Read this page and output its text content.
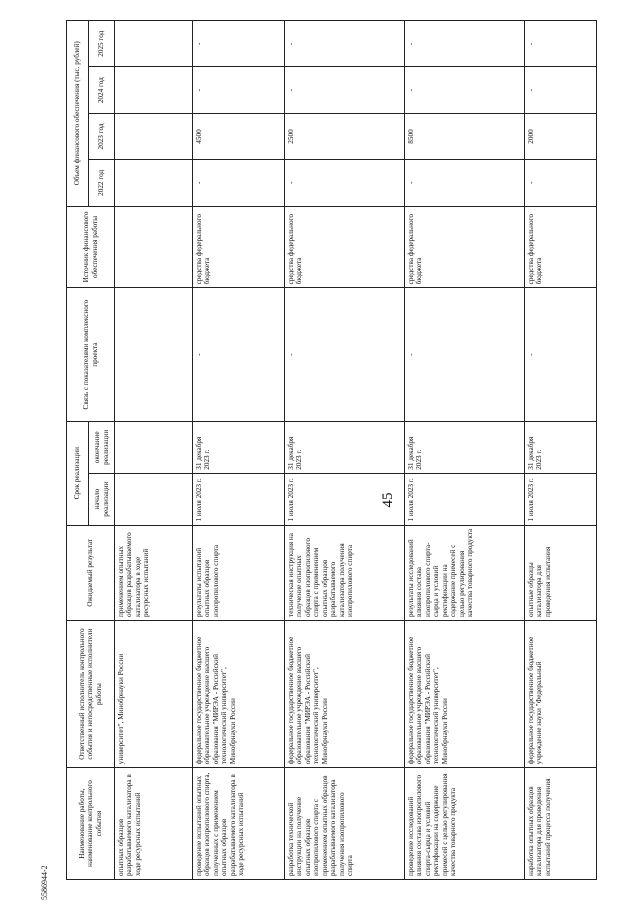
45
5586944-2
Наименование работы, наименование контрольного события	Ответственный исполнитель контрольного события и непосредственные исполнители работы	Ожидаемый результат	Срок реализации		Связь с показателями комплексного проекта	Источник финансового обеспечения работы	Объем финансового обеспечения (тыс. рублей)			
			начало реализации	окончание реализации			2022 год	2023 год	2024 год	2025 год

опытных образцов разрабатываемого катализатора в ходе ресурсных испытаний	университет", Минобрнауки России	применением опытных образцов разрабатываемого катализатора в ходе ресурсных испытаний								
проведение испытаний опытных образцов изопропилового спирта, полученных с применением опытных образцов разрабатываемого катализатора в ходе ресурсных испытаний	федеральное государственное бюджетное образовательное учреждение высшего образования "МИРЭА - Российский технологический университет", Минобрнауки России	результаты испытаний опытных образцов изопропилового спирта	1 июля 2023 г.	31 декабря 2023 г.	-	средства федерального бюджета	-	4500	-	-
разработка технической инструкции на получение опытных образцов изопропилового спирта с применением опытных образцов разрабатываемого катализатора получения изопропилового спирта	федеральное государственное бюджетное образовательное учреждение высшего образования "МИРЭА - Российский технологический университет", Минобрнауки России	техническая инструкция на получение опытных образцов изопропилового спирта с применением опытных образцов разрабатываемого катализатора получения изопропилового спирта	1 июля 2023 г.	31 декабря 2023 г.	-	средства федерального бюджета	-	2500	-	-
проведение исследований влияния состава изопропилового спирта-сырца и условий ректификации на содержание примесей с целью регулирования качества товарного продукта	федеральное государственное бюджетное образовательное учреждение высшего образования "МИРЭА - Российский технологический университет", Минобрнауки России	результаты исследований влияния состава изопропилового спирта-сырца и условий ректификации на содержание примесей с целью регулирования качества товарного продукта	1 июля 2023 г.	31 декабря 2023 г.	-	средства федерального бюджета	-	8500	-	-
наработка опытных образцов катализатора для проведения испытаний процесса получения	федеральное государственное бюджетное учреждение науки "Федеральный	опытные образцы катализатора для проведения испытания	1 июля 2023 г.	31 декабря 2023 г.	-	средства федерального бюджета	-	2000	-	-
